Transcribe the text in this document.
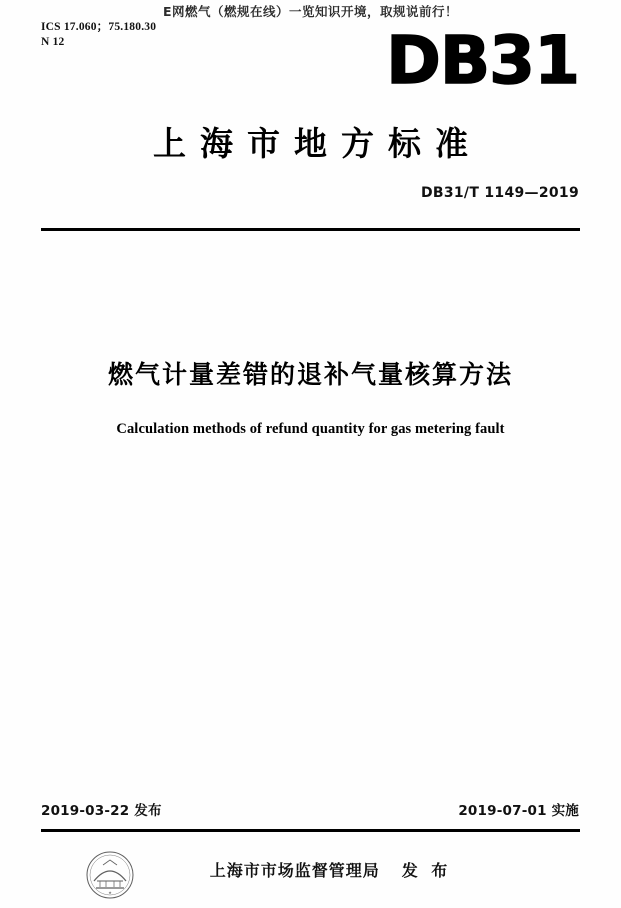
E网燃气（燃规在线）一览知识开境，取规说前行！
ICS 17.060；75.180.30
N 12	DB31
上海市地方标准
DB31/T 1149—2019
燃气计量差错的退补气量核算方法
Calculation methods of refund quantity for gas metering fault
2019-03-22 发布	2019-07-01 实施
★
上海市市场监督管理局 发 布
